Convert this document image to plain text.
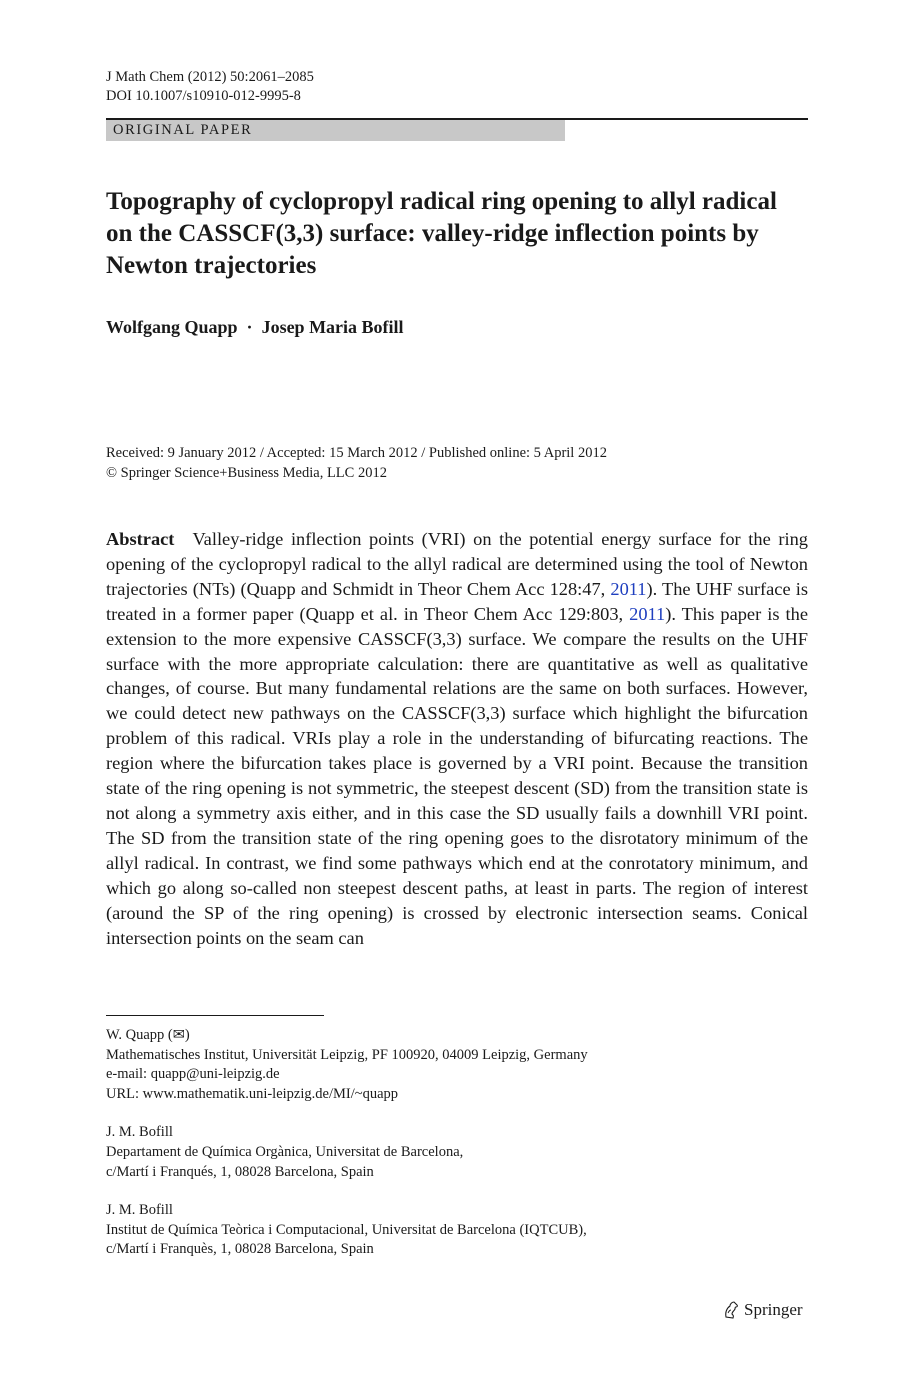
J Math Chem (2012) 50:2061–2085
DOI 10.1007/s10910-012-9995-8
ORIGINAL PAPER
Topography of cyclopropyl radical ring opening to allyl radical on the CASSCF(3,3) surface: valley-ridge inflection points by Newton trajectories
Wolfgang Quapp · Josep Maria Bofill
Received: 9 January 2012 / Accepted: 15 March 2012 / Published online: 5 April 2012
© Springer Science+Business Media, LLC 2012
Abstract Valley-ridge inflection points (VRI) on the potential energy surface for the ring opening of the cyclopropyl radical to the allyl radical are determined using the tool of Newton trajectories (NTs) (Quapp and Schmidt in Theor Chem Acc 128:47, 2011). The UHF surface is treated in a former paper (Quapp et al. in Theor Chem Acc 129:803, 2011). This paper is the extension to the more expensive CASSCF(3,3) surface. We compare the results on the UHF surface with the more appropriate calculation: there are quantitative as well as qualitative changes, of course. But many fundamental relations are the same on both surfaces. However, we could detect new pathways on the CASSCF(3,3) surface which highlight the bifurcation problem of this radical. VRIs play a role in the understanding of bifurcating reactions. The region where the bifurcation takes place is governed by a VRI point. Because the transition state of the ring opening is not symmetric, the steepest descent (SD) from the transition state is not along a symmetry axis either, and in this case the SD usually fails a downhill VRI point. The SD from the transition state of the ring opening goes to the disrotatory minimum of the allyl radical. In contrast, we find some pathways which end at the conrotatory minimum, and which go along so-called non steepest descent paths, at least in parts. The region of interest (around the SP of the ring opening) is crossed by electronic intersection seams. Conical intersection points on the seam can
W. Quapp (✉)
Mathematisches Institut, Universität Leipzig, PF 100920, 04009 Leipzig, Germany
e-mail: quapp@uni-leipzig.de
URL: www.mathematik.uni-leipzig.de/MI/~quapp
J. M. Bofill
Departament de Química Orgànica, Universitat de Barcelona,
c/Martí i Franqués, 1, 08028 Barcelona, Spain
J. M. Bofill
Institut de Química Teòrica i Computacional, Universitat de Barcelona (IQTCUB),
c/Martí i Franquès, 1, 08028 Barcelona, Spain
Springer
